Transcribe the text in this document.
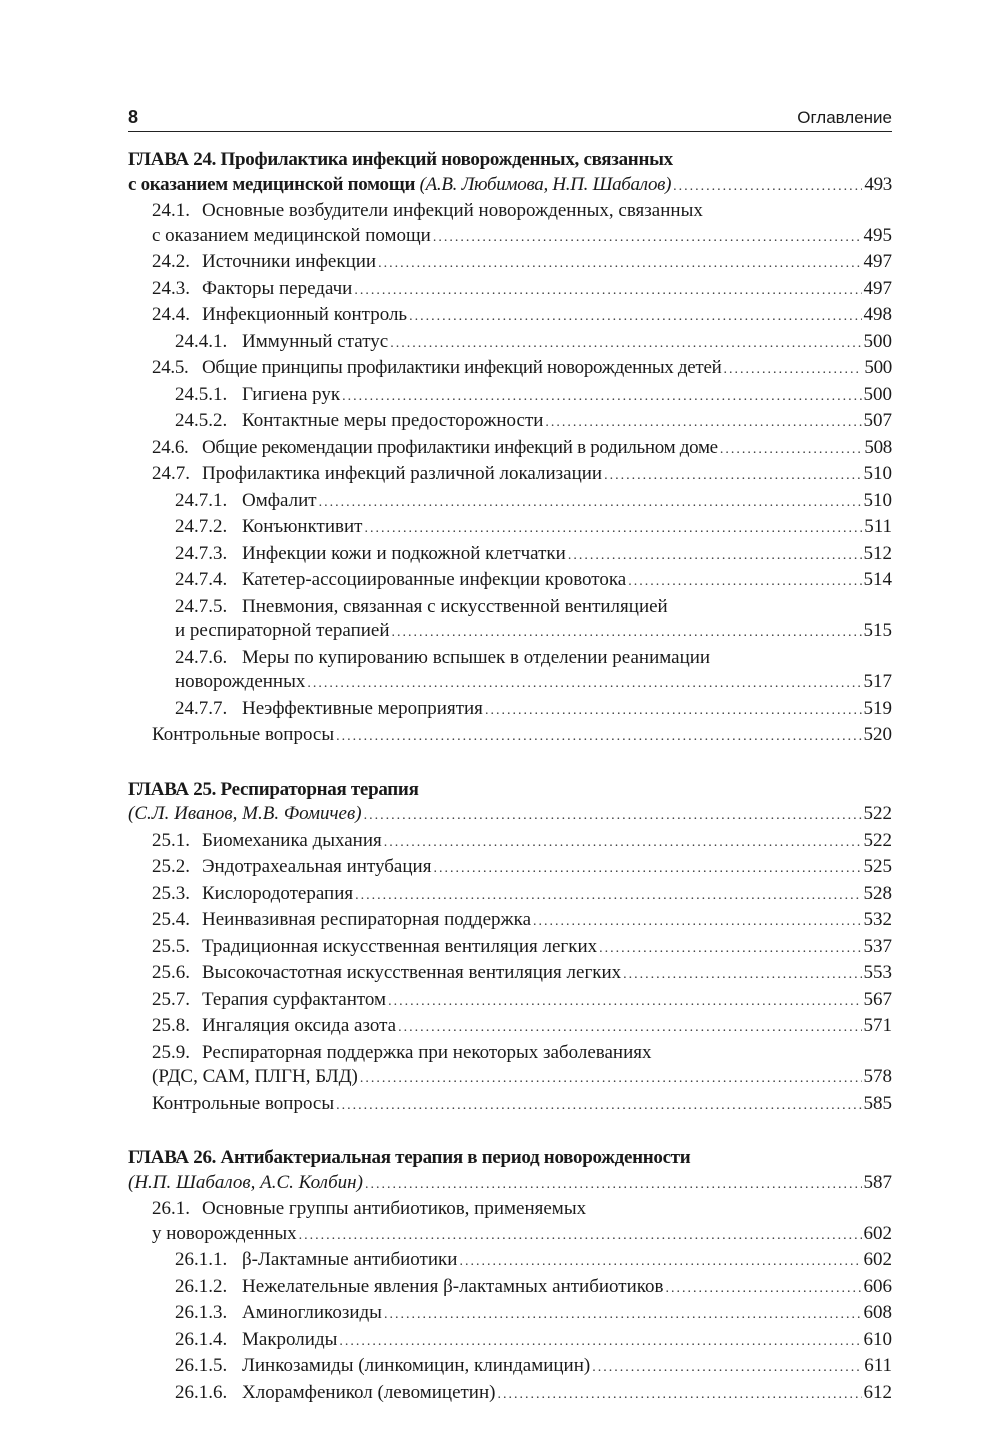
8	Оглавление
ГЛАВА 24. Профилактика инфекций новорожденных, связанных
с оказанием медицинской помощи (А.В. Любимова, Н.П. Шабалов) .....	493
24.1. Основные возбудители инфекций новорожденных, связанных
с оказанием медицинской помощи .....	495
24.2. Источники инфекции .....	497
24.3. Факторы передачи .....	497
24.4. Инфекционный контроль .....	498
24.4.1. Иммунный статус .....	500
24.5. Общие принципы профилактики инфекций новорожденных детей .....	500
24.5.1. Гигиена рук .....	500
24.5.2. Контактные меры предосторожности .....	507
24.6. Общие рекомендации профилактики инфекций в родильном доме .....	508
24.7. Профилактика инфекций различной локализации .....	510
24.7.1. Омфалит .....	510
24.7.2. Конъюнктивит .....	511
24.7.3. Инфекции кожи и подкожной клетчатки .....	512
24.7.4. Катетер-ассоциированные инфекции кровотока .....	514
24.7.5. Пневмония, связанная с искусственной вентиляцией
и респираторной терапией .....	515
24.7.6. Меры по купированию вспышек в отделении реанимации
новорожденных .....	517
24.7.7. Неэффективные мероприятия .....	519
Контрольные вопросы .....	520
ГЛАВА 25. Респираторная терапия
(С.Л. Иванов, М.В. Фомичев) .....	522
25.1. Биомеханика дыхания .....	522
25.2. Эндотрахеальная интубация .....	525
25.3. Кислородотерапия .....	528
25.4. Неинвазивная респираторная поддержка .....	532
25.5. Традиционная искусственная вентиляция легких .....	537
25.6. Высокочастотная искусственная вентиляция легких .....	553
25.7. Терапия сурфактантом .....	567
25.8. Ингаляция оксида азота .....	571
25.9. Респираторная поддержка при некоторых заболеваниях
(РДС, САМ, ПЛГН, БЛД) .....	578
Контрольные вопросы .....	585
ГЛАВА 26. Антибактериальная терапия в период новорожденности
(Н.П. Шабалов, А.С. Колбин) .....	587
26.1. Основные группы антибиотиков, применяемых
у новорожденных .....	602
26.1.1. β-Лактамные антибиотики .....	602
26.1.2. Нежелательные явления β-лактамных антибиотиков .....	606
26.1.3. Аминогликозиды .....	608
26.1.4. Макролиды .....	610
26.1.5. Линкозамиды (линкомицин, клиндамицин) .....	611
26.1.6. Хлорамфеникол (левомицетин) .....	612
